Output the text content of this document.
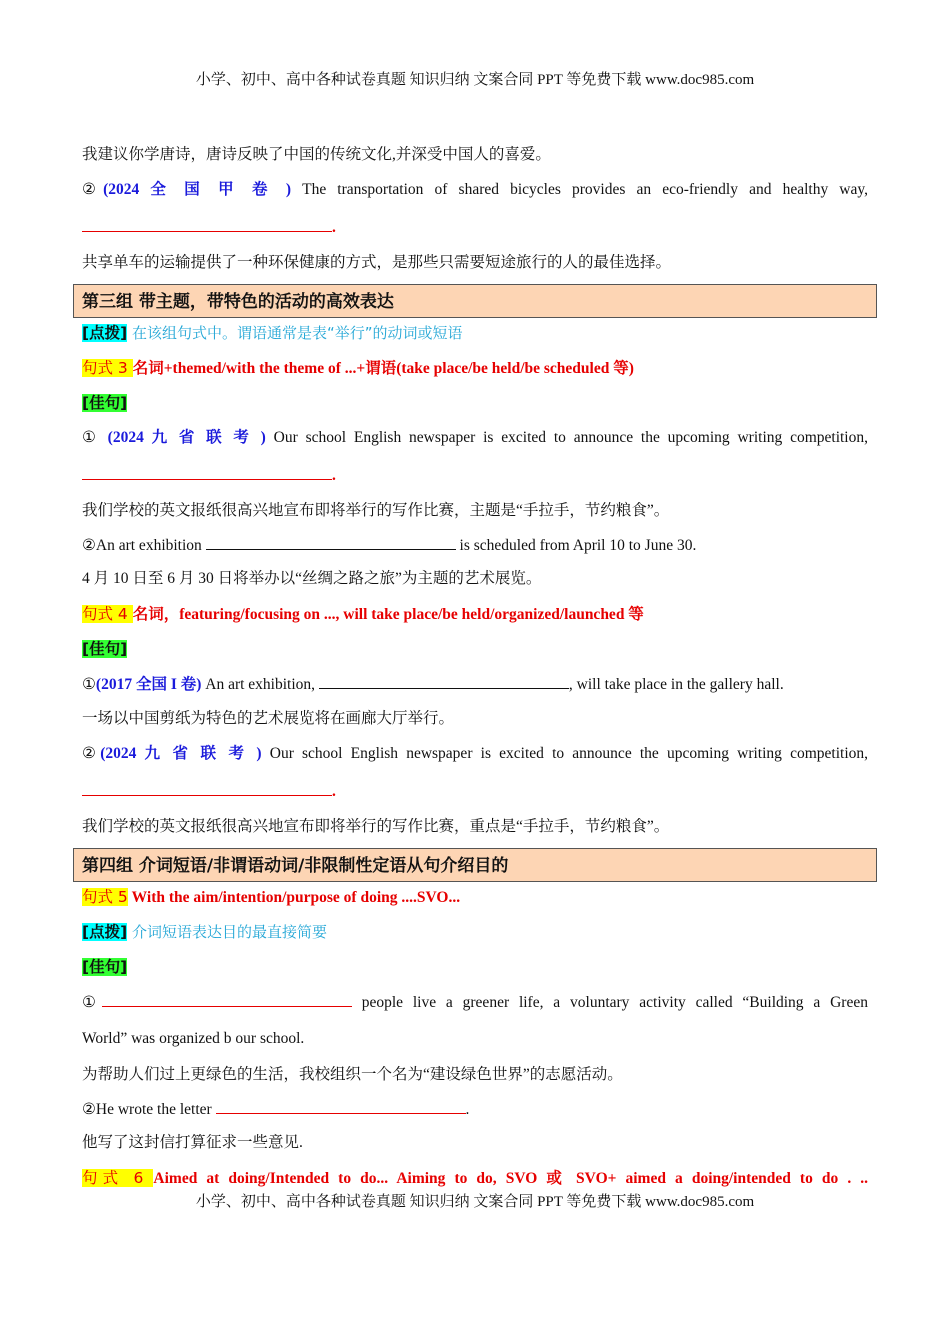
小学、初中、高中各种试卷真题 知识归纳 文案合同 PPT 等免费下载 www.doc985.com
我建议你学唐诗，唐诗反映了中国的传统文化,并深受中国人的喜爱。
②(2024 全 国 甲 卷 ) The transportation of shared bicycles provides an eco-friendly and healthy way,
.
共享单车的运输提供了一种环保健康的方式，是那些只需要短途旅行的人的最佳选择。
第三组 带主题，带特色的活动的高效表达
[点拨] 在该组句式中。谓语通常是表“举行”的动词或短语
句式 3 名词+themed/with the theme of ...+谓语(take place/be held/be scheduled 等)
[佳句]
① (2024 九 省 联 考 ) Our school English newspaper is excited to announce the upcoming writing competition,
.
我们学校的英文报纸很高兴地宣布即将举行的写作比赛，主题是“手拉手，节约粮食”。
②An art exhibition	is scheduled from April 10 to June 30.
4 月 10 日至 6 月 30 日将举办以“丝绸之路之旅”为主题的艺术展览。
句式 4 名词，featuring/focusing on ..., will take place/be held/organized/launched 等
[佳句]
①(2017 全国 I 卷) An art exhibition,	, will take place in the gallery hall.
一场以中国剪纸为特色的艺术展览将在画廊大厅举行。
②(2024 九 省 联 考 ) Our school English newspaper is excited to announce the upcoming writing competition,
.
我们学校的英文报纸很高兴地宣布即将举行的写作比赛，重点是“手拉手，节约粮食”。
第四组 介词短语/非谓语动词/非限制性定语从句介绍目的
句式 5 With the aim/intention/purpose of doing ....SVO...
[点拨] 介词短语表达目的最直接简要
[佳句]
①	people live a greener life, a voluntary activity called “Building a Green
World” was organized b our school.
为帮助人们过上更绿色的生活，我校组织一个名为“建设绿色世界”的志愿活动。
②He wrote the letter	.
他写了这封信打算征求一些意见.
句式 6 Aimed at doing/Intended to do... Aiming to do, SVO 或 SVO+ aimed a doing/intended to do . ..
小学、初中、高中各种试卷真题 知识归纳 文案合同 PPT 等免费下载 www.doc985.com
